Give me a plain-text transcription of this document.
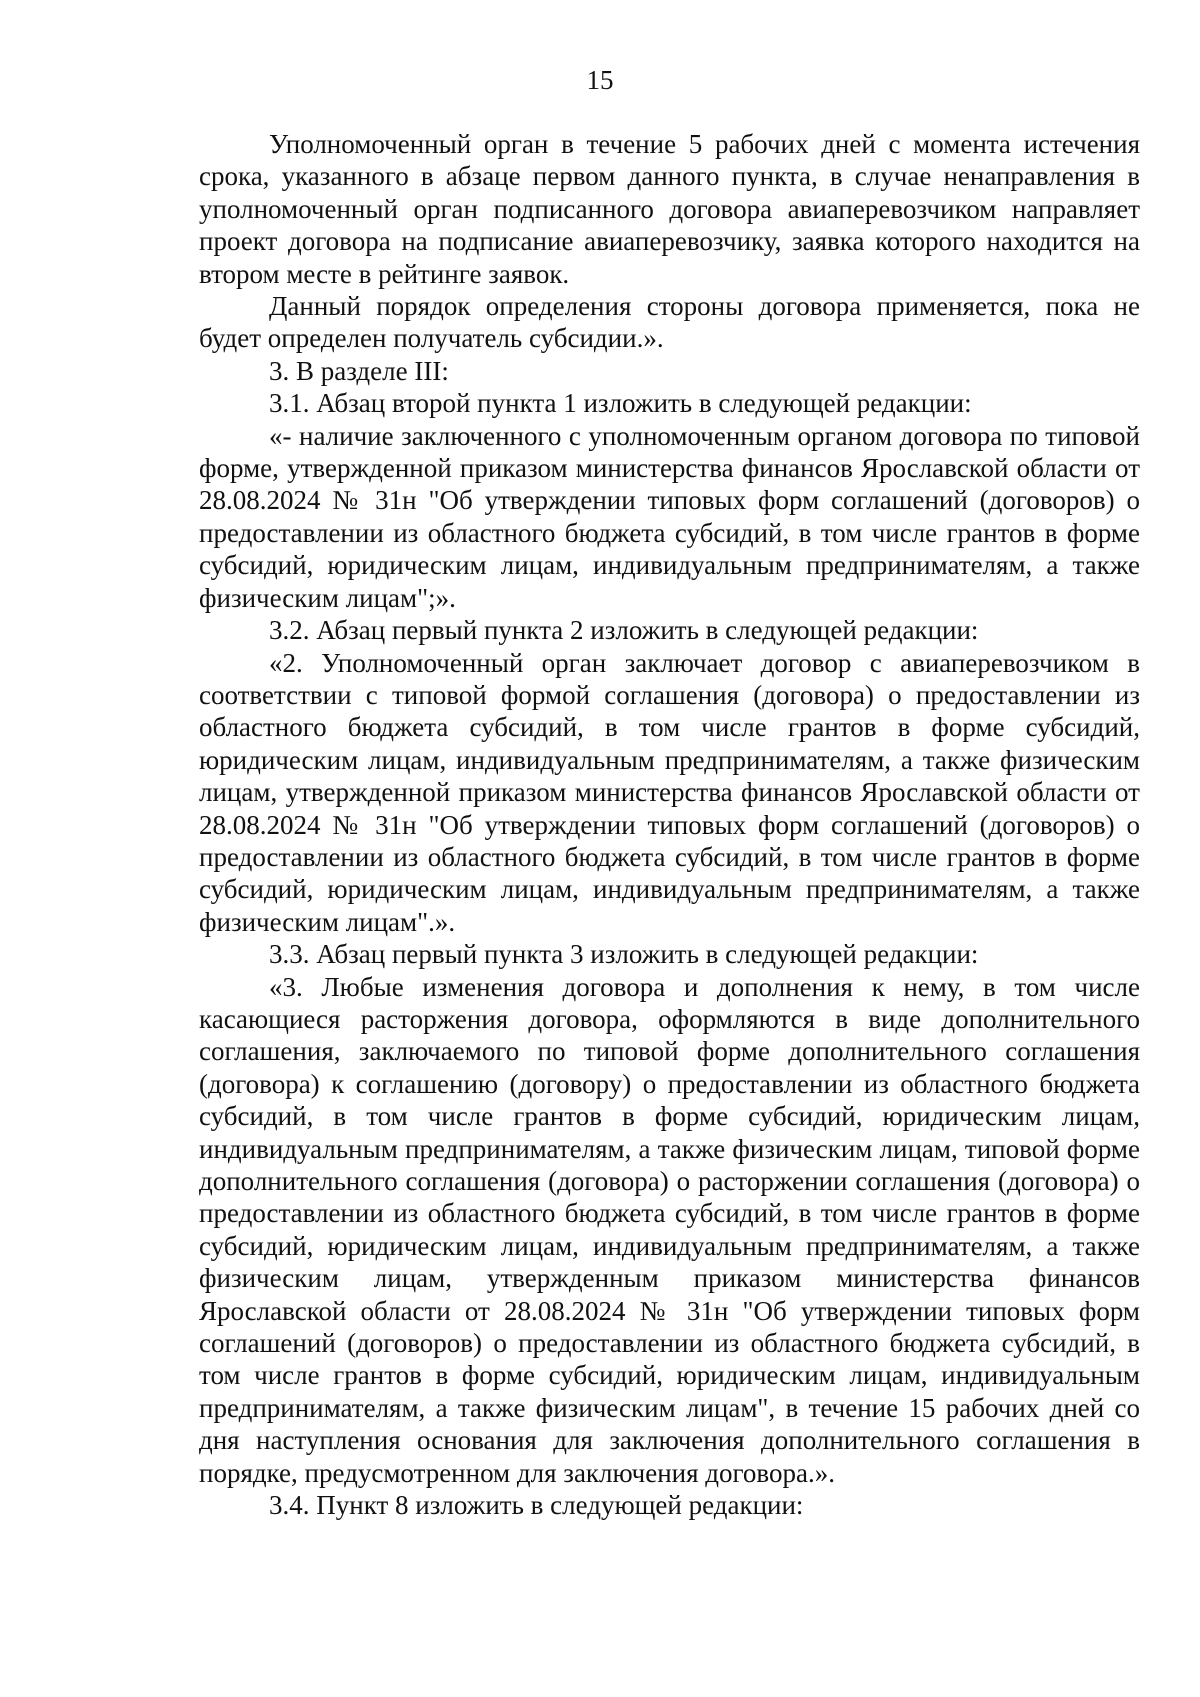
15

Уполномоченный орган в течение 5 рабочих дней с момента истечения срока, указанного в абзаце первом данного пункта, в случае ненаправления в уполномоченный орган подписанного договора авиаперевозчиком направляет проект договора на подписание авиаперевозчику, заявка которого находится на втором месте в рейтинге заявок.

Данный порядок определения стороны договора применяется, пока не будет определен получатель субсидии.».

3. В разделе III:

3.1. Абзац второй пункта 1 изложить в следующей редакции:

«- наличие заключенного с уполномоченным органом договора по типовой форме, утвержденной приказом министерства финансов Ярославской области от 28.08.2024 № 31н "Об утверждении типовых форм соглашений (договоров) о предоставлении из областного бюджета субсидий, в том числе грантов в форме субсидий, юридическим лицам, индивидуальным предпринимателям, а также физическим лицам";».

3.2. Абзац первый пункта 2 изложить в следующей редакции:

«2. Уполномоченный орган заключает договор с авиаперевозчиком в соответствии с типовой формой соглашения (договора) о предоставлении из областного бюджета субсидий, в том числе грантов в форме субсидий, юридическим лицам, индивидуальным предпринимателям, а также физическим лицам, утвержденной приказом министерства финансов Ярославской области от 28.08.2024 № 31н "Об утверждении типовых форм соглашений (договоров) о предоставлении из областного бюджета субсидий, в том числе грантов в форме субсидий, юридическим лицам, индивидуальным предпринимателям, а также физическим лицам".».

3.3. Абзац первый пункта 3 изложить в следующей редакции:

«3. Любые изменения договора и дополнения к нему, в том числе касающиеся расторжения договора, оформляются в виде дополнительного соглашения, заключаемого по типовой форме дополнительного соглашения (договора) к соглашению (договору) о предоставлении из областного бюджета субсидий, в том числе грантов в форме субсидий, юридическим лицам, индивидуальным предпринимателям, а также физическим лицам, типовой форме дополнительного соглашения (договора) о расторжении соглашения (договора) о предоставлении из областного бюджета субсидий, в том числе грантов в форме субсидий, юридическим лицам, индивидуальным предпринимателям, а также физическим лицам, утвержденным приказом министерства финансов Ярославской области от 28.08.2024 № 31н "Об утверждении типовых форм соглашений (договоров) о предоставлении из областного бюджета субсидий, в том числе грантов в форме субсидий, юридическим лицам, индивидуальным предпринимателям, а также физическим лицам", в течение 15 рабочих дней со дня наступления основания для заключения дополнительного соглашения в порядке, предусмотренном для заключения договора.».

3.4. Пункт 8 изложить в следующей редакции:
